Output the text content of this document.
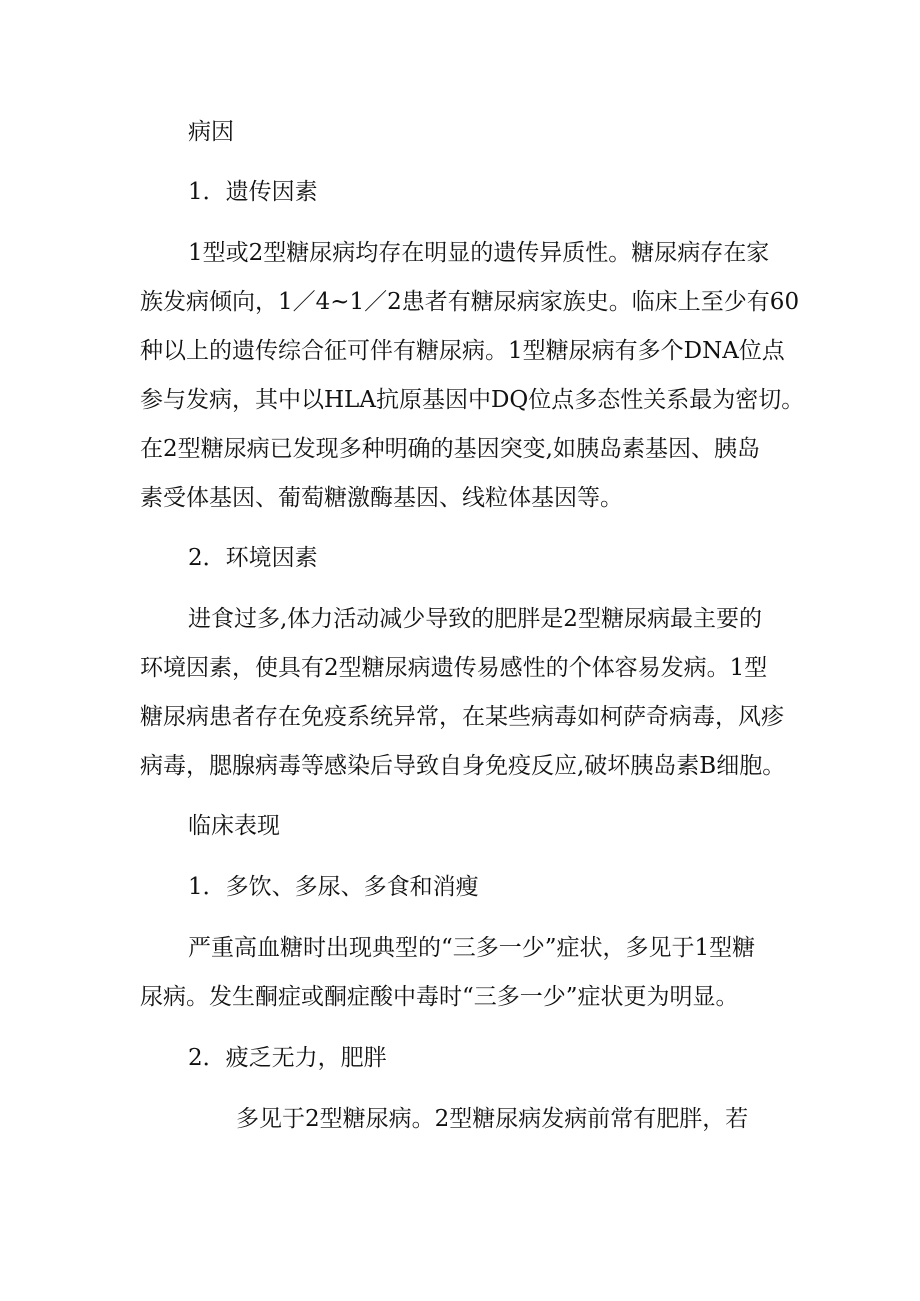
病因
1．遗传因素
1型或2型糖尿病均存在明显的遗传异质性。糖尿病存在家
族发病倾向，1／4~1／2患者有糖尿病家族史。临床上至少有60
种以上的遗传综合征可伴有糖尿病。1型糖尿病有多个DNA位点
参与发病，其中以HLA抗原基因中DQ位点多态性关系最为密切。
在2型糖尿病已发现多种明确的基因突变,如胰岛素基因、胰岛
素受体基因、葡萄糖激酶基因、线粒体基因等。
2．环境因素
进食过多,体力活动减少导致的肥胖是2型糖尿病最主要的
环境因素，使具有2型糖尿病遗传易感性的个体容易发病。1型
糖尿病患者存在免疫系统异常，在某些病毒如柯萨奇病毒，风疹
病毒，腮腺病毒等感染后导致自身免疫反应,破坏胰岛素B细胞。
临床表现
1．多饮、多尿、多食和消瘦
严重高血糖时出现典型的“三多一少”症状，多见于1型糖
尿病。发生酮症或酮症酸中毒时“三多一少”症状更为明显。
2．疲乏无力，肥胖
多见于2型糖尿病。2型糖尿病发病前常有肥胖，若
